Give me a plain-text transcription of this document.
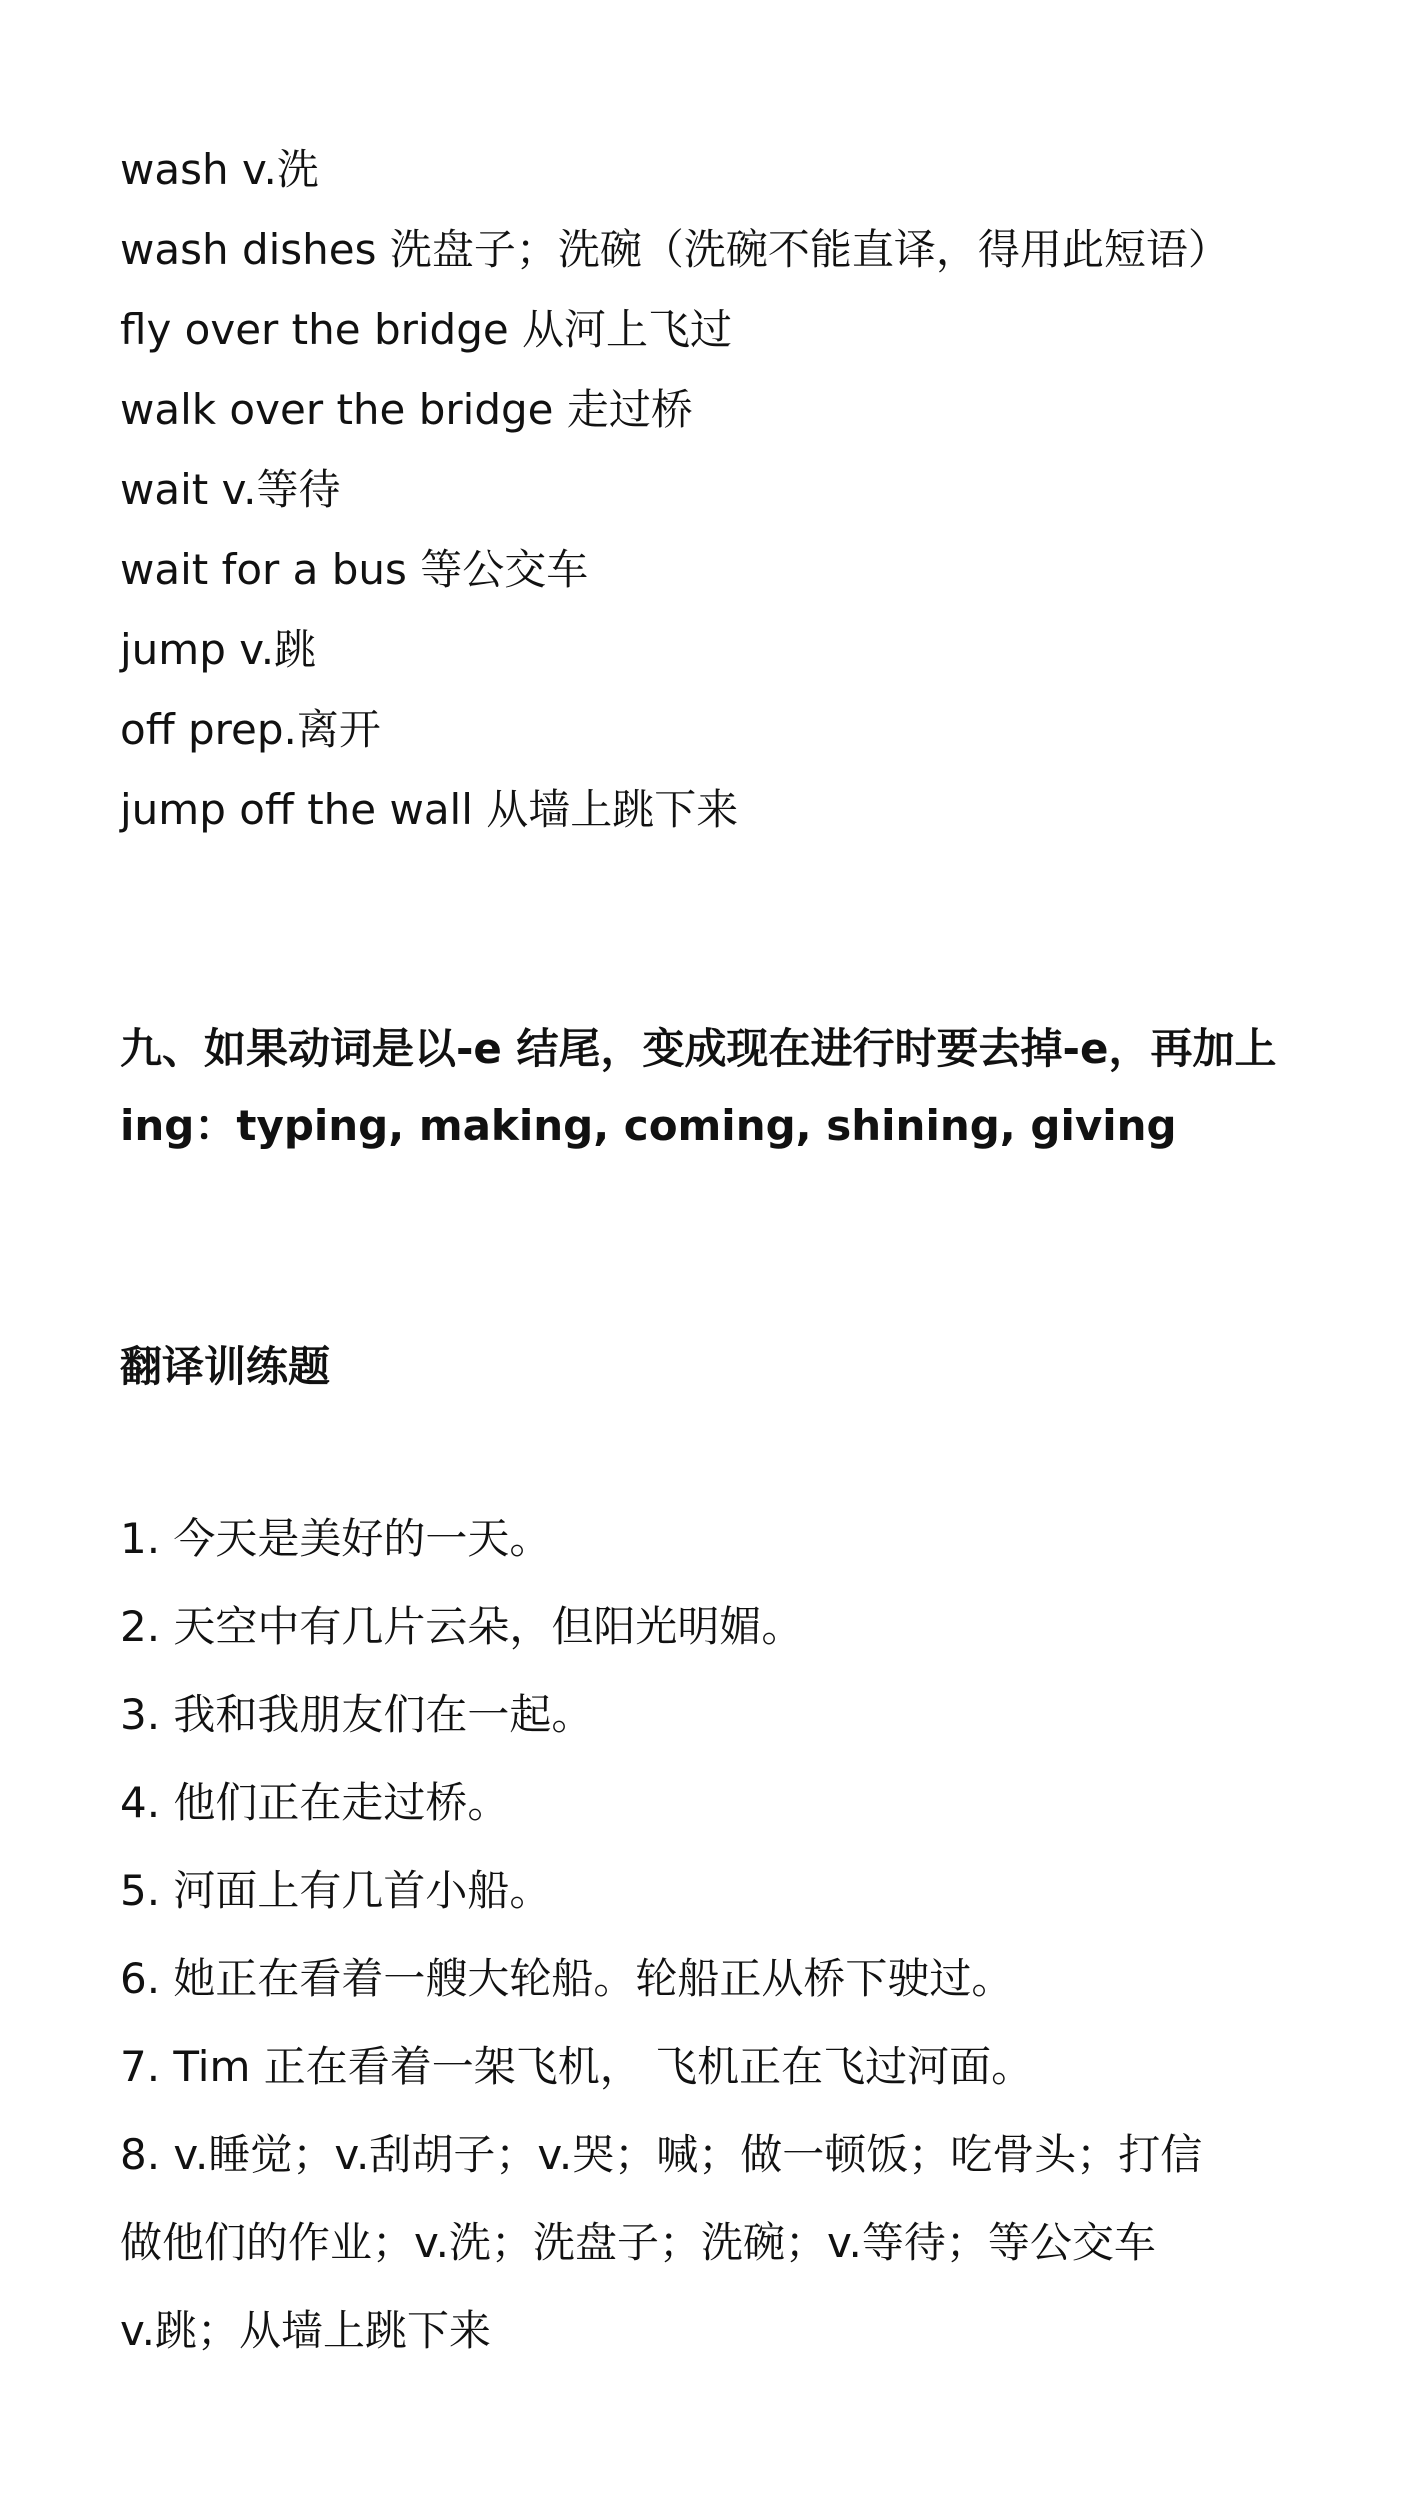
wash v.洗
wash dishes 洗盘子；洗碗（洗碗不能直译，得用此短语）
fly over the bridge 从河上飞过
walk over the bridge 走过桥
wait v.等待
wait for a bus 等公交车
jump v.跳
off prep.离开
jump off the wall 从墙上跳下来
九、如果动词是以-e 结尾，变成现在进行时要去掉-e，再加上
ing：typing, making, coming, shining, giving
翻译训练题
1. 今天是美好的一天。
2. 天空中有几片云朵，但阳光明媚。
3. 我和我朋友们在一起。
4. 他们正在走过桥。
5. 河面上有几首小船。
6. 她正在看着一艘大轮船。轮船正从桥下驶过。
7. Tim 正在看着一架飞机， 飞机正在飞过河面。
8. v.睡觉；v.刮胡子；v.哭；喊；做一顿饭；吃骨头；打信
做他们的作业；v.洗；洗盘子；洗碗；v.等待；等公交车
v.跳；从墙上跳下来
